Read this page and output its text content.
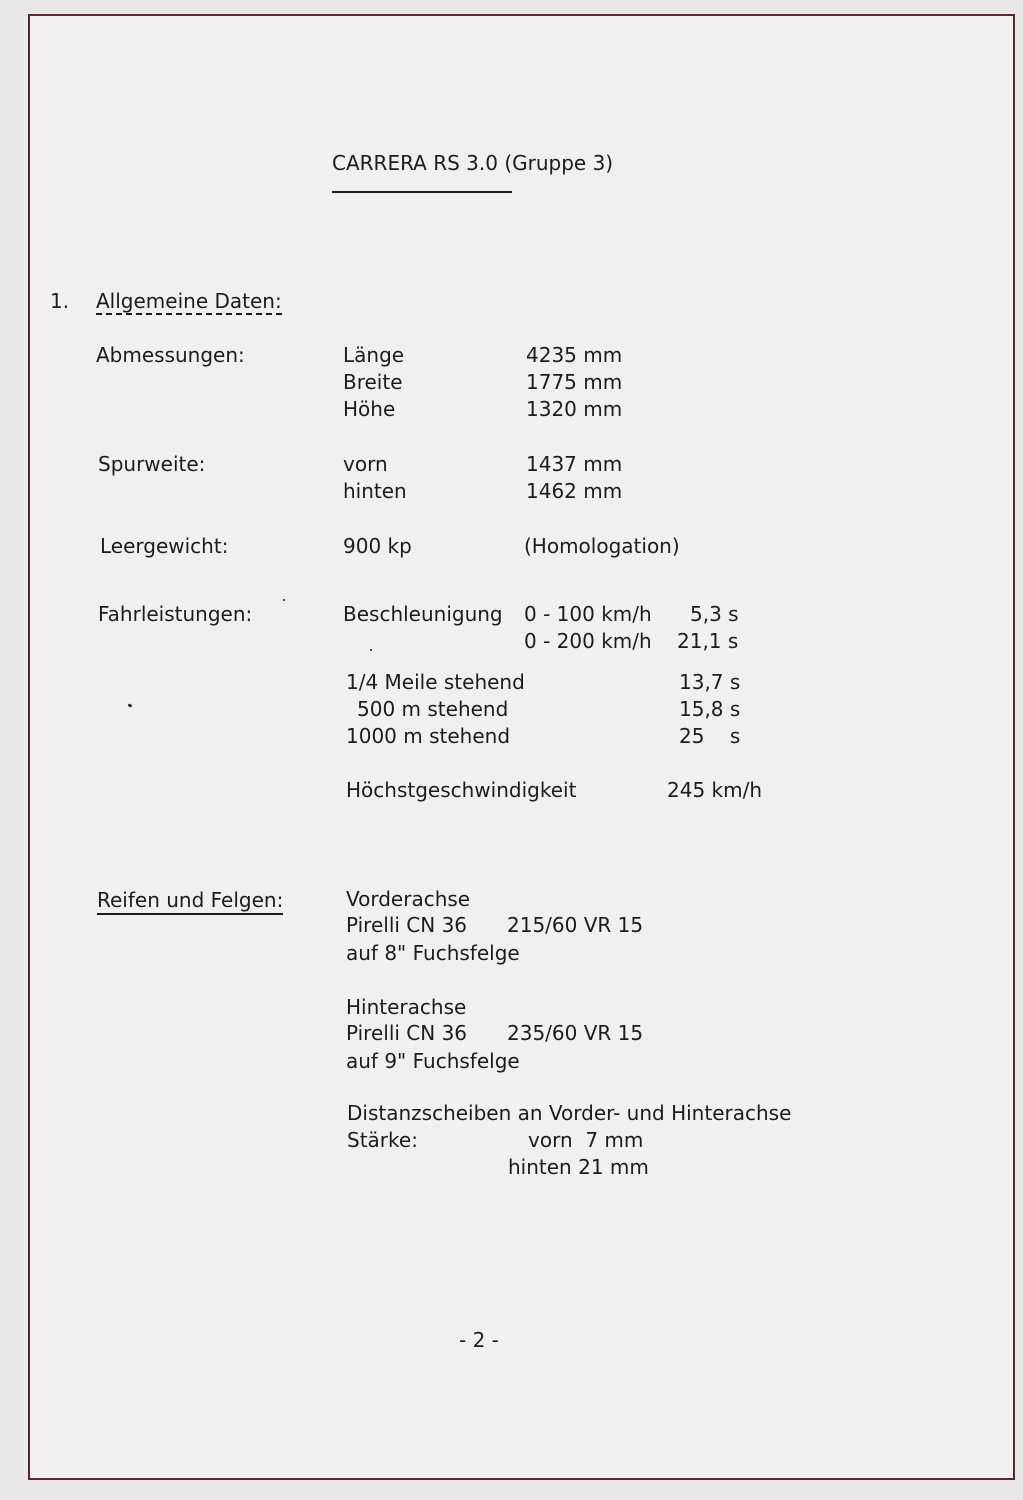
CARRERA RS 3.0 (Gruppe 3)
1. Allgemeine Daten:
Abmessungen:	Länge	4235 mm
Breite	1775 mm
Höhe	1320 mm
Spurweite:	vorn	1437 mm
hinten	1462 mm
Leergewicht:	900 kp	(Homologation)
Fahrleistungen:	Beschleunigung 0 - 100 km/h 5,3 s
0 - 200 km/h 21,1 s
1/4 Meile stehend	13,7 s
500 m stehend	15,8 s
1000 m stehend	25    s
Höchstgeschwindigkeit	245 km/h
Reifen und Felgen:	Vorderachse
Pirelli CN 36 215/60 VR 15
auf 8" Fuchsfelge
Hinterachse
Pirelli CN 36 235/60 VR 15
auf 9" Fuchsfelge
Distanzscheiben an Vorder- und Hinterachse
Stärke:	vorn  7 mm
hinten 21 mm
- 2 -
